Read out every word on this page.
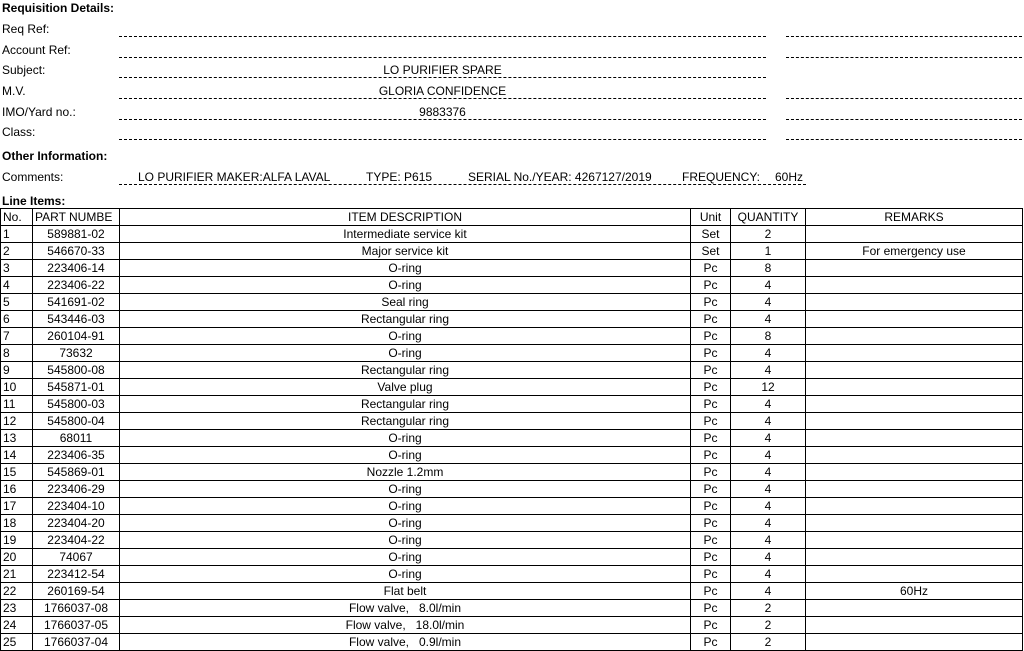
Requisition Details:
Req Ref:
Account Ref:
Subject:	LO PURIFIER SPARE
M.V.	GLORIA CONFIDENCE
IMO/Yard no.:	9883376
Class:
Other Information:
Comments:	LO PURIFIER MAKER:ALFA LAVAL	TYPE: P615	SERIAL No./YEAR: 4267127/2019	FREQUENCY: 60Hz
Line Items:
No.	PART NUMBE	ITEM DESCRIPTION	Unit	QUANTITY	REMARKS
1	589881-02	Intermediate service kit	Set	2	
2	546670-33	Major service kit	Set	1	For emergency use
3	223406-14	O-ring	Pc	8	
4	223406-22	O-ring	Pc	4	
5	541691-02	Seal ring	Pc	4	
6	543446-03	Rectangular ring	Pc	4	
7	260104-91	O-ring	Pc	8	
8	73632	O-ring	Pc	4	
9	545800-08	Rectangular ring	Pc	4	
10	545871-01	Valve plug	Pc	12	
11	545800-03	Rectangular ring	Pc	4	
12	545800-04	Rectangular ring	Pc	4	
13	68011	O-ring	Pc	4	
14	223406-35	O-ring	Pc	4	
15	545869-01	Nozzle 1.2mm	Pc	4	
16	223406-29	O-ring	Pc	4	
17	223404-10	O-ring	Pc	4	
18	223404-20	O-ring	Pc	4	
19	223404-22	O-ring	Pc	4	
20	74067	O-ring	Pc	4	
21	223412-54	O-ring	Pc	4	
22	260169-54	Flat belt	Pc	4	60Hz
23	1766037-08	Flow valve,   8.0l/min	Pc	2	
24	1766037-05	Flow valve,   18.0l/min	Pc	2	
25	1766037-04	Flow valve,   0.9l/min	Pc	2	
